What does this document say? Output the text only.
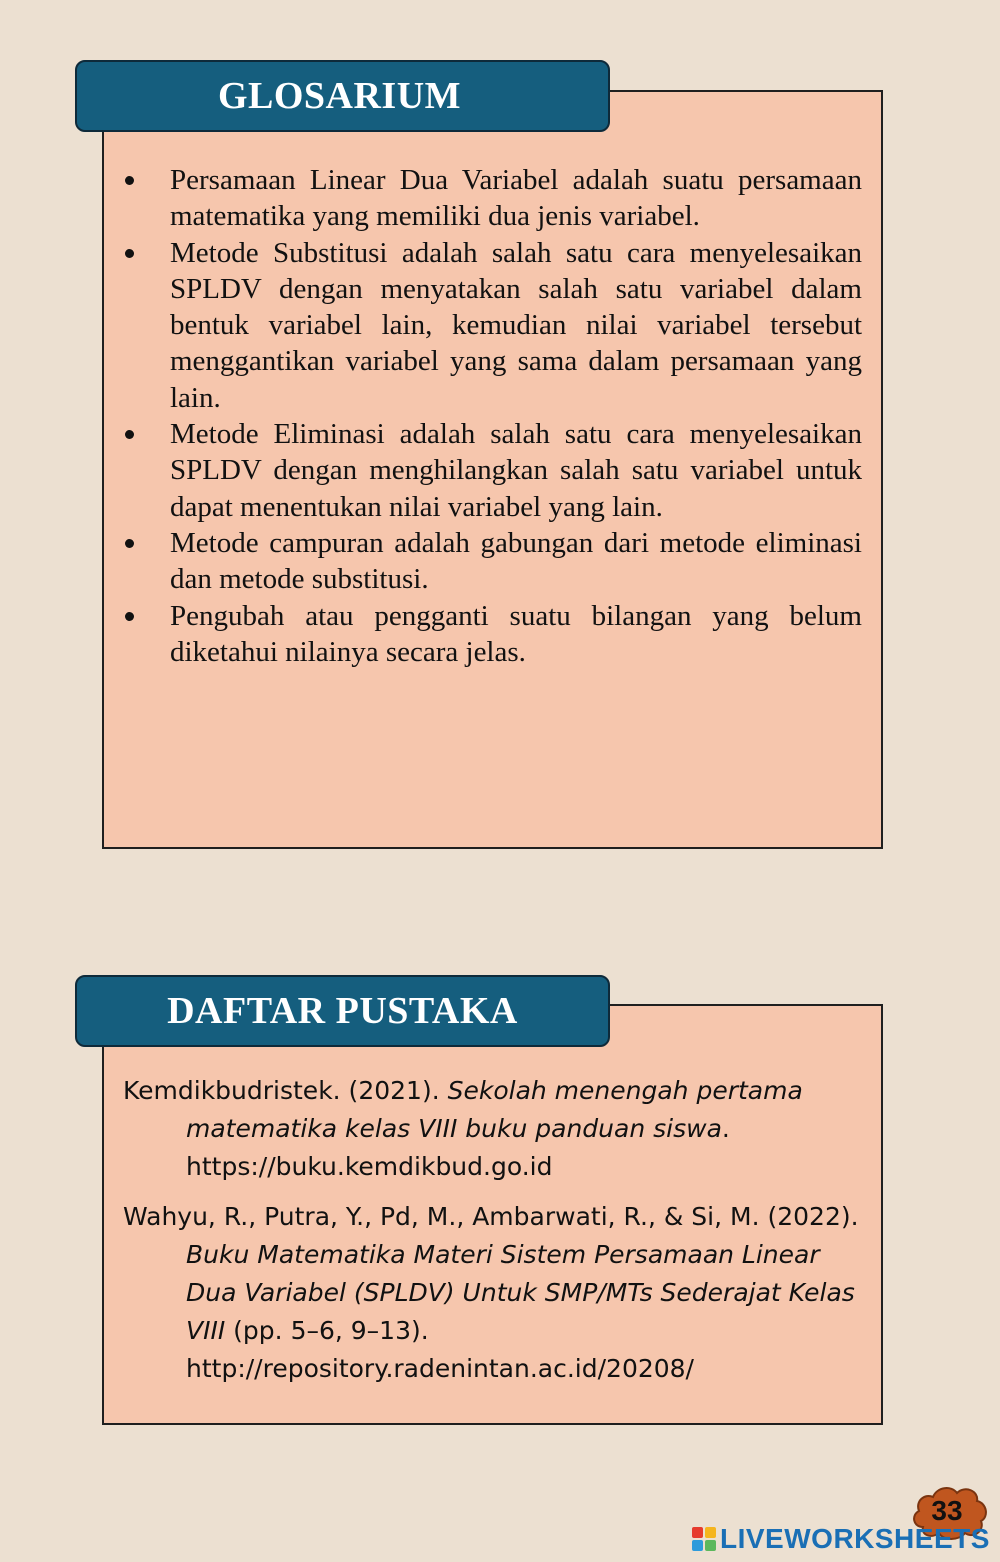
GLOSARIUM
Persamaan Linear Dua Variabel adalah suatu persamaan matematika yang memiliki dua jenis variabel.
Metode Substitusi adalah salah satu cara menyelesaikan SPLDV dengan menyatakan salah satu variabel dalam bentuk variabel lain, kemudian nilai variabel tersebut menggantikan variabel yang sama dalam persamaan yang lain.
Metode Eliminasi adalah salah satu cara menyelesaikan SPLDV dengan menghilangkan salah satu variabel untuk dapat menentukan nilai variabel yang lain.
Metode campuran adalah gabungan dari metode eliminasi dan metode substitusi.
Pengubah atau pengganti suatu bilangan yang belum diketahui nilainya secara jelas.
DAFTAR PUSTAKA

Kemdikbudristek. (2021). Sekolah menengah pertama matematika kelas VIII buku panduan siswa.
https://buku.kemdikbud.go.id

Wahyu, R., Putra, Y., Pd, M., Ambarwati, R., & Si, M. (2022). Buku Matematika Materi Sistem Persamaan Linear Dua Variabel (SPLDV) Untuk SMP/MTs Sederajat Kelas VIII (pp. 5–6, 9–13).
http://repository.radenintan.ac.id/20208/

33
LIVEWORKSHEETS
